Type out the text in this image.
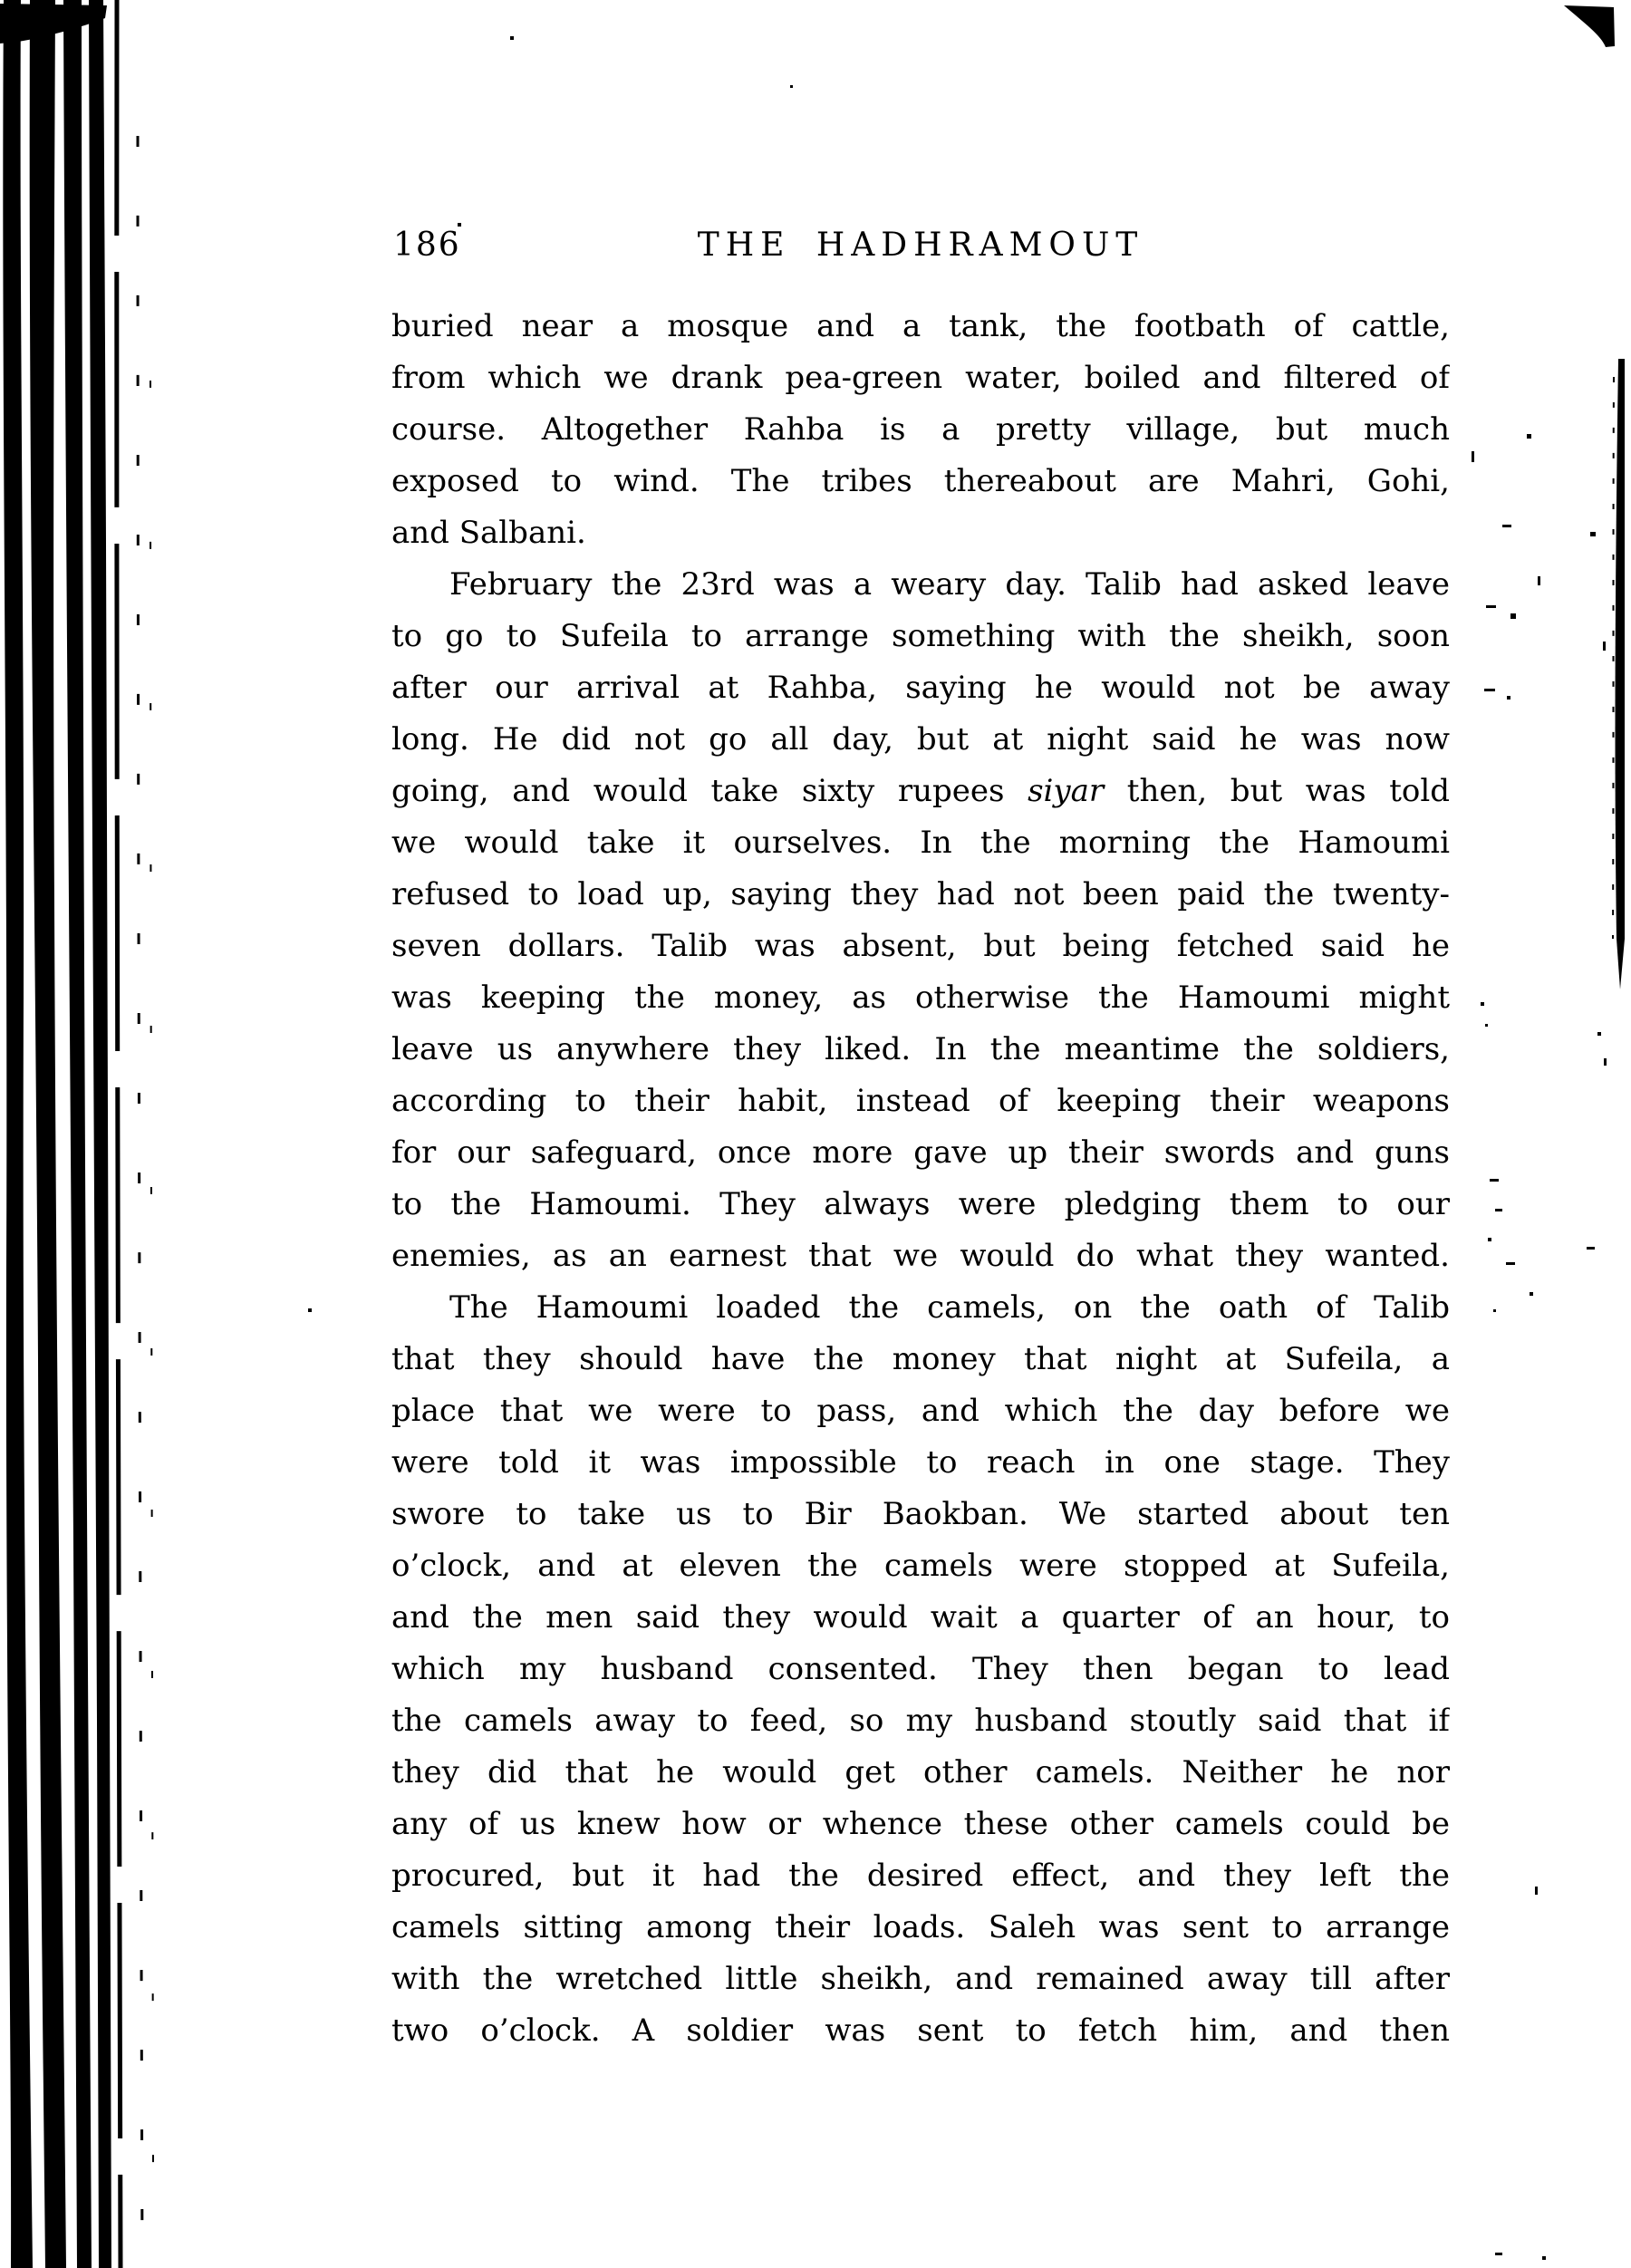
186	THE HADHRAMOUT
buried near a mosque and a tank, the footbath of cattle,
from which we drank pea-green water, boiled and filtered of
course. Altogether Rahba is a pretty village, but much
exposed to wind. The tribes thereabout are Mahri, Gohi,
and Salbani.
February the 23rd was a weary day. Talib had asked leave
to go to Sufeila to arrange something with the sheikh, soon
after our arrival at Rahba, saying he would not be away
long. He did not go all day, but at night said he was now
going, and would take sixty rupees siyar then, but was told
we would take it ourselves. In the morning the Hamoumi
refused to load up, saying they had not been paid the twenty-
seven dollars. Talib was absent, but being fetched said he
was keeping the money, as otherwise the Hamoumi might
leave us anywhere they liked. In the meantime the soldiers,
according to their habit, instead of keeping their weapons
for our safeguard, once more gave up their swords and guns
to the Hamoumi. They always were pledging them to our
enemies, as an earnest that we would do what they wanted.
The Hamoumi loaded the camels, on the oath of Talib
that they should have the money that night at Sufeila, a
place that we were to pass, and which the day before we
were told it was impossible to reach in one stage. They
swore to take us to Bir Baokban. We started about ten
o’clock, and at eleven the camels were stopped at Sufeila,
and the men said they would wait a quarter of an hour, to
which my husband consented. They then began to lead
the camels away to feed, so my husband stoutly said that if
they did that he would get other camels. Neither he nor
any of us knew how or whence these other camels could be
procured, but it had the desired effect, and they left the
camels sitting among their loads. Saleh was sent to arrange
with the wretched little sheikh, and remained away till after
two o’clock. A soldier was sent to fetch him, and then
